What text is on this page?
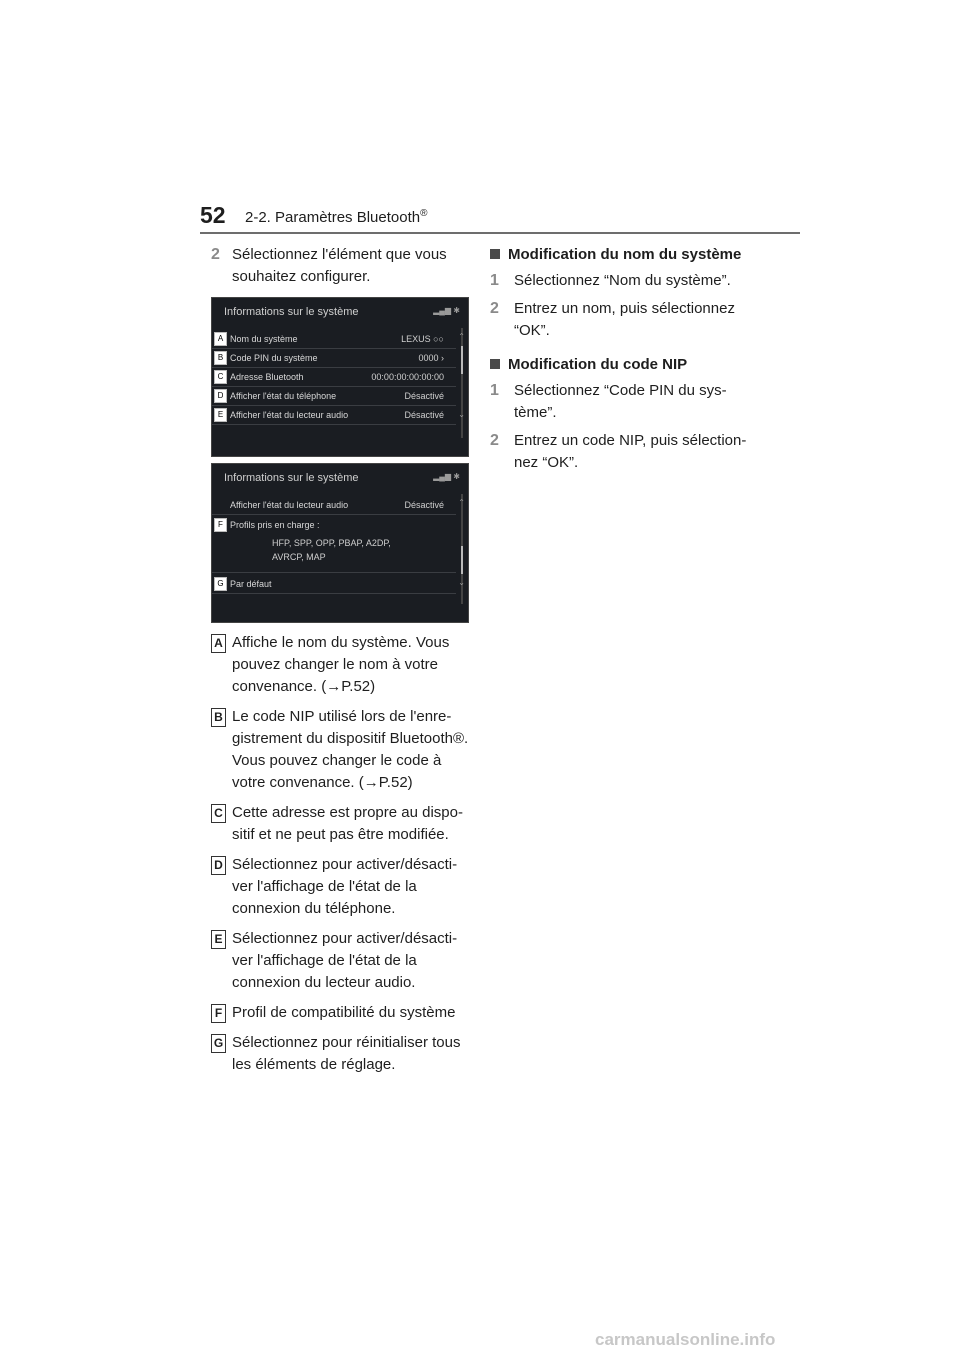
52 2-2. Paramètres Bluetooth®
2 Sélectionnez l'élément que vous souhaitez configurer.
Informations sur le système	▂▄▆ ✱
A Nom du système	LEXUS ○○
B Code PIN du système	0000 ›
C Adresse Bluetooth	00:00:00:00:00:00
D Afficher l'état du téléphone	Désactivé
E Afficher l'état du lecteur audio	Désactivé
⌃
⌄
Informations sur le système	▂▄▆ ✱
Afficher l'état du lecteur audio	Désactivé
F Profils pris en charge :
HFP, SPP, OPP, PBAP, A2DP,
AVRCP, MAP
G Par défaut
⌃
⌄
A Affiche le nom du système. Vous pouvez changer le nom à votre convenance. (→P.52)
B Le code NIP utilisé lors de l'enre-gistrement du dispositif Bluetooth®. Vous pouvez changer le code à votre convenance. (→P.52)
C Cette adresse est propre au dispo-sitif et ne peut pas être modifiée.
D Sélectionnez pour activer/désacti-ver l'affichage de l'état de la connexion du téléphone.
E Sélectionnez pour activer/désacti-ver l'affichage de l'état de la connexion du lecteur audio.
F Profil de compatibilité du système
G Sélectionnez pour réinitialiser tous les éléments de réglage.
Modification du nom du système
1 Sélectionnez “Nom du système”.
2 Entrez un nom, puis sélectionnez “OK”.
Modification du code NIP
1 Sélectionnez “Code PIN du sys-tème”.
2 Entrez un code NIP, puis sélection-nez “OK”.
carmanualsonline.info
